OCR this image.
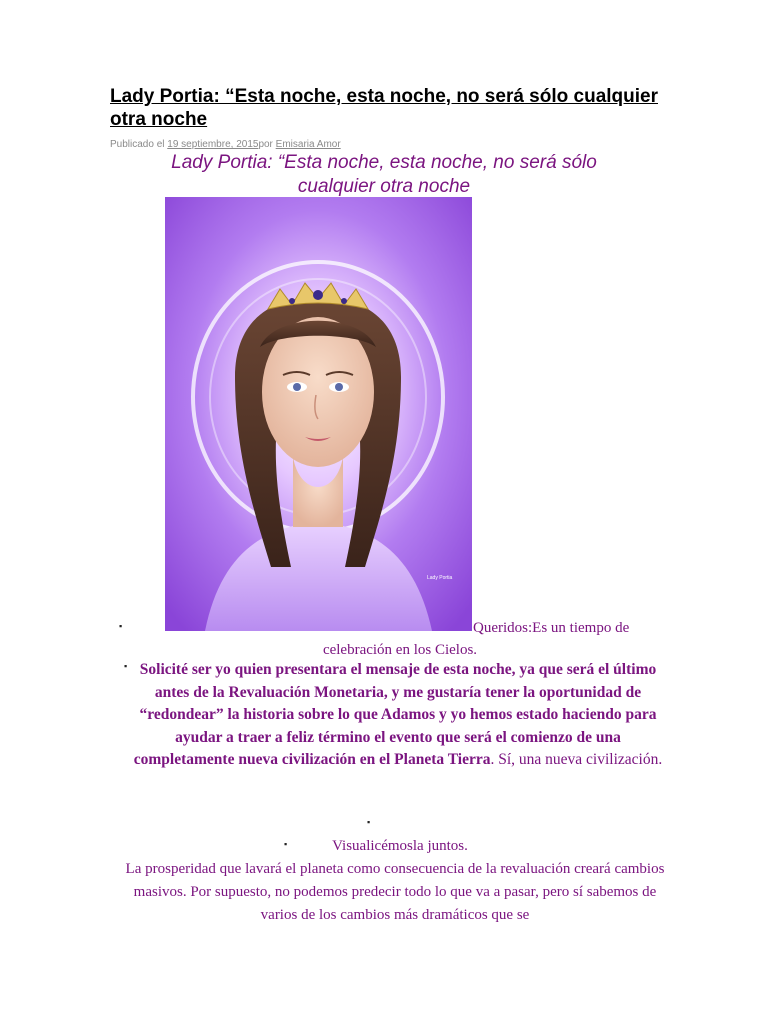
Lady Portia: “Esta noche, esta noche, no será sólo cualquier otra noche
Publicado el 19 septiembre, 2015por Emisaria Amor
Lady Portia: “Esta noche, esta noche, no será sólo
cualquier otra noche
Lady Portia
▪
▪
▪
▪
Queridos:Es un tiempo de
celebración en los Cielos.
Solicité ser yo quien presentara el mensaje de esta noche, ya que será el último antes de la Revaluación Monetaria, y me gustaría tener la oportunidad de “redondear” la historia sobre lo que Adamos y yo hemos estado haciendo para ayudar a traer a feliz término el evento que será el comienzo de una completamente nueva civilización en el Planeta Tierra. Sí, una nueva civilización.
Visualicémosla juntos.
La prosperidad que lavará el planeta como consecuencia de la revaluación creará cambios masivos. Por supuesto, no podemos predecir todo lo que va a pasar, pero sí sabemos de varios de los cambios más dramáticos que se
